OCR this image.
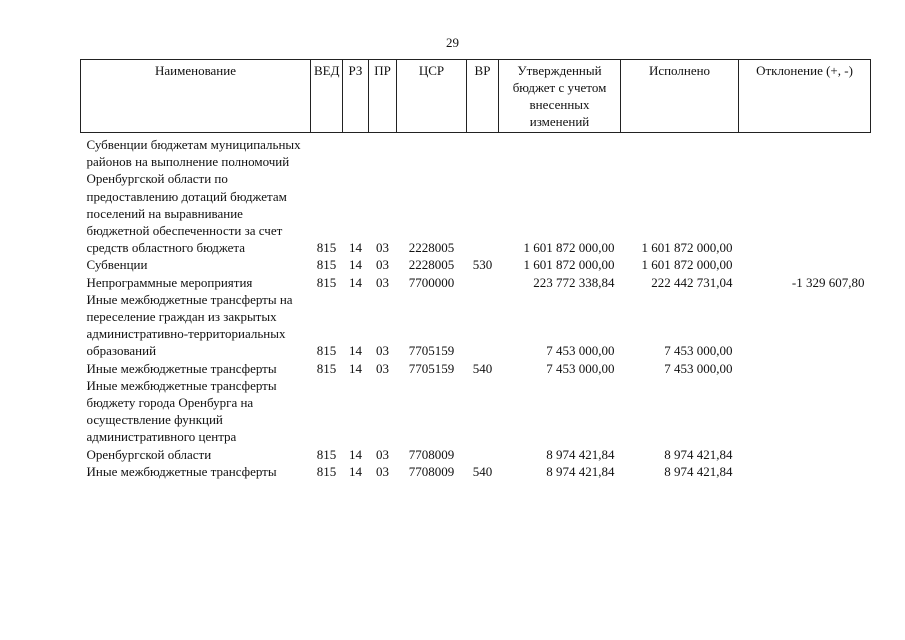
29
Наименование	ВЕД	РЗ	ПР	ЦСР	ВР	Утвержденный бюджет с учетом внесенных изменений	Исполнено	Отклонение (+, -)
Субвенции бюджетам муниципальных районов на выполнение полномочий Оренбургской области по предоставлению дотаций бюджетам поселений на выравнивание бюджетной обеспеченности за счет средств областного бюджета	815	14	03	2228005		1 601 872 000,00	1 601 872 000,00	
Субвенции	815	14	03	2228005	530	1 601 872 000,00	1 601 872 000,00	
Непрограммные мероприятия	815	14	03	7700000		223 772 338,84	222 442 731,04	-1 329 607,80
Иные межбюджетные трансферты на переселение граждан из закрытых административно-территориальных образований	815	14	03	7705159		7 453 000,00	7 453 000,00	
Иные межбюджетные трансферты	815	14	03	7705159	540	7 453 000,00	7 453 000,00	
Иные межбюджетные трансферты бюджету города Оренбурга на осуществление функций административного центра Оренбургской области	815	14	03	7708009		8 974 421,84	8 974 421,84	
Иные межбюджетные трансферты	815	14	03	7708009	540	8 974 421,84	8 974 421,84	
